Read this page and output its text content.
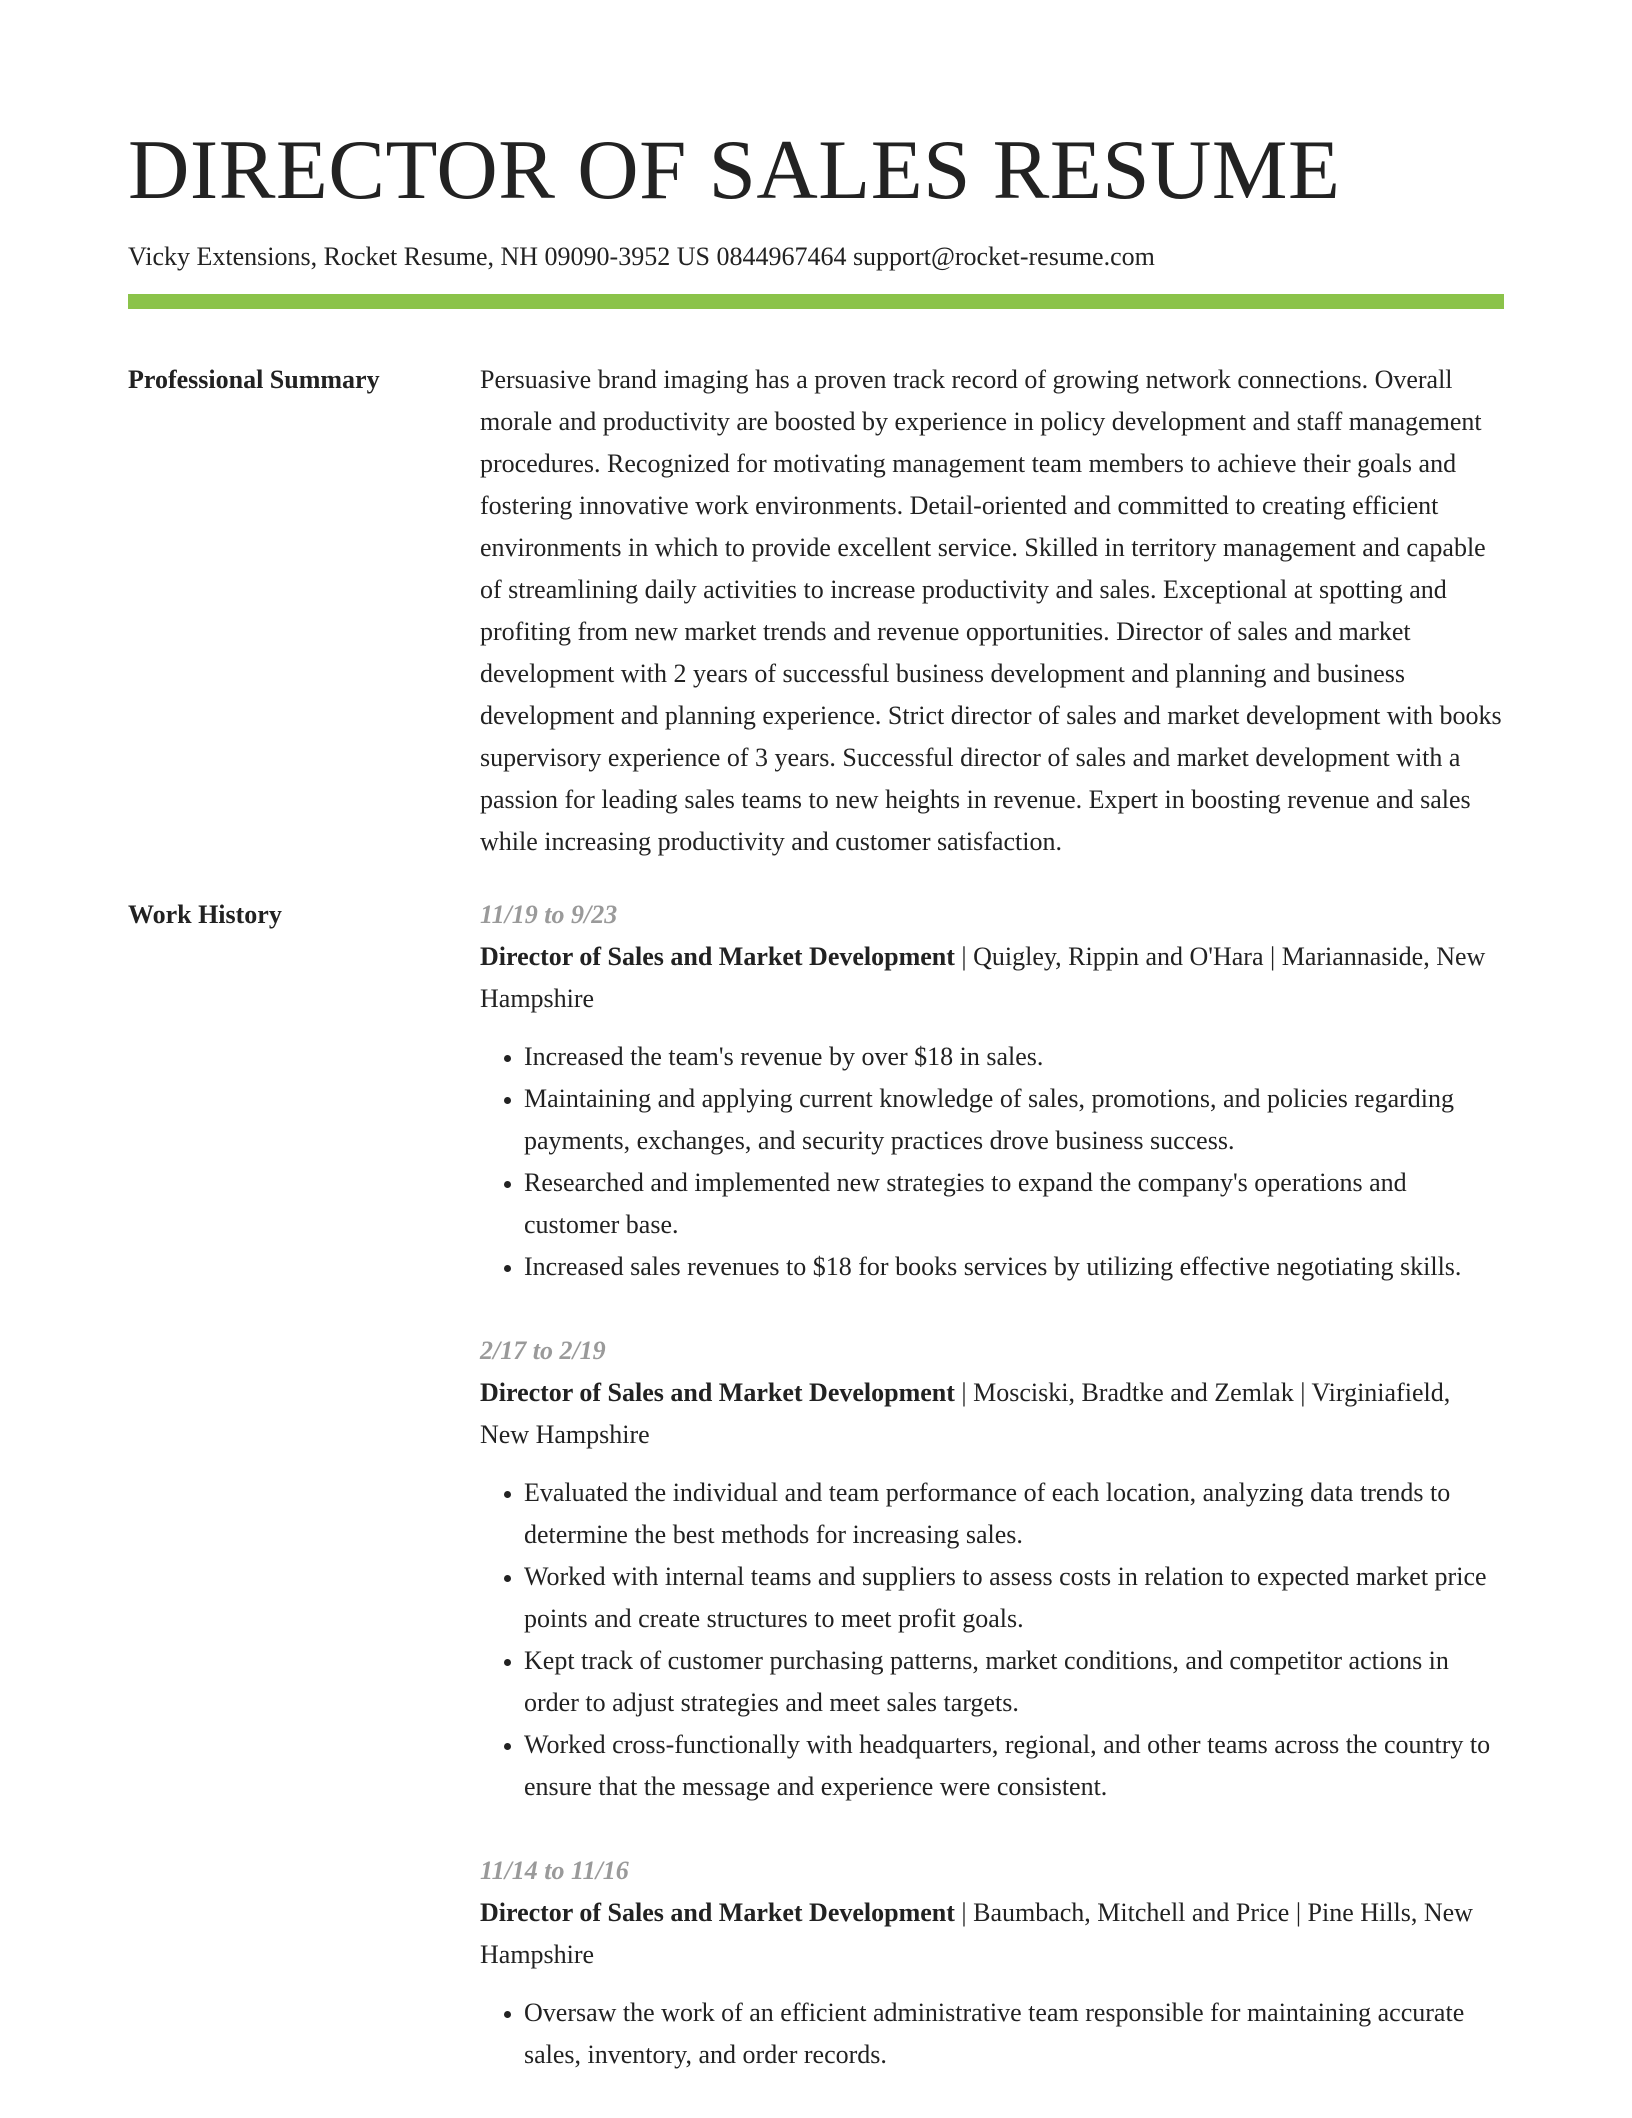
DIRECTOR OF SALES RESUME
Vicky Extensions, Rocket Resume, NH 09090-3952 US 0844967464 support@rocket-resume.com
Professional Summary	Persuasive brand imaging has a proven track record of growing network connections. Overall morale and productivity are boosted by experience in policy development and staff management procedures. Recognized for motivating management team members to achieve their goals and fostering innovative work environments. Detail-oriented and committed to creating efficient environments in which to provide excellent service. Skilled in territory management and capable of streamlining daily activities to increase productivity and sales. Exceptional at spotting and profiting from new market trends and revenue opportunities. Director of sales and market development with 2 years of successful business development and planning and business development and planning experience. Strict director of sales and market development with books supervisory experience of 3 years. Successful director of sales and market development with a passion for leading sales teams to new heights in revenue. Expert in boosting revenue and sales while increasing productivity and customer satisfaction.

Work History	11/19 to 9/23
Director of Sales and Market Development | Quigley, Rippin and O'Hara | Mariannaside, New Hampshire
• Increased the team's revenue by over $18 in sales.
• Maintaining and applying current knowledge of sales, promotions, and policies regarding payments, exchanges, and security practices drove business success.
• Researched and implemented new strategies to expand the company's operations and customer base.
• Increased sales revenues to $18 for books services by utilizing effective negotiating skills.
2/17 to 2/19
Director of Sales and Market Development | Mosciski, Bradtke and Zemlak | Virginiafield, New Hampshire
• Evaluated the individual and team performance of each location, analyzing data trends to determine the best methods for increasing sales.
• Worked with internal teams and suppliers to assess costs in relation to expected market price points and create structures to meet profit goals.
• Kept track of customer purchasing patterns, market conditions, and competitor actions in order to adjust strategies and meet sales targets.
• Worked cross-functionally with headquarters, regional, and other teams across the country to ensure that the message and experience were consistent.
11/14 to 11/16
Director of Sales and Market Development | Baumbach, Mitchell and Price | Pine Hills, New Hampshire
• Oversaw the work of an efficient administrative team responsible for maintaining accurate sales, inventory, and order records.
